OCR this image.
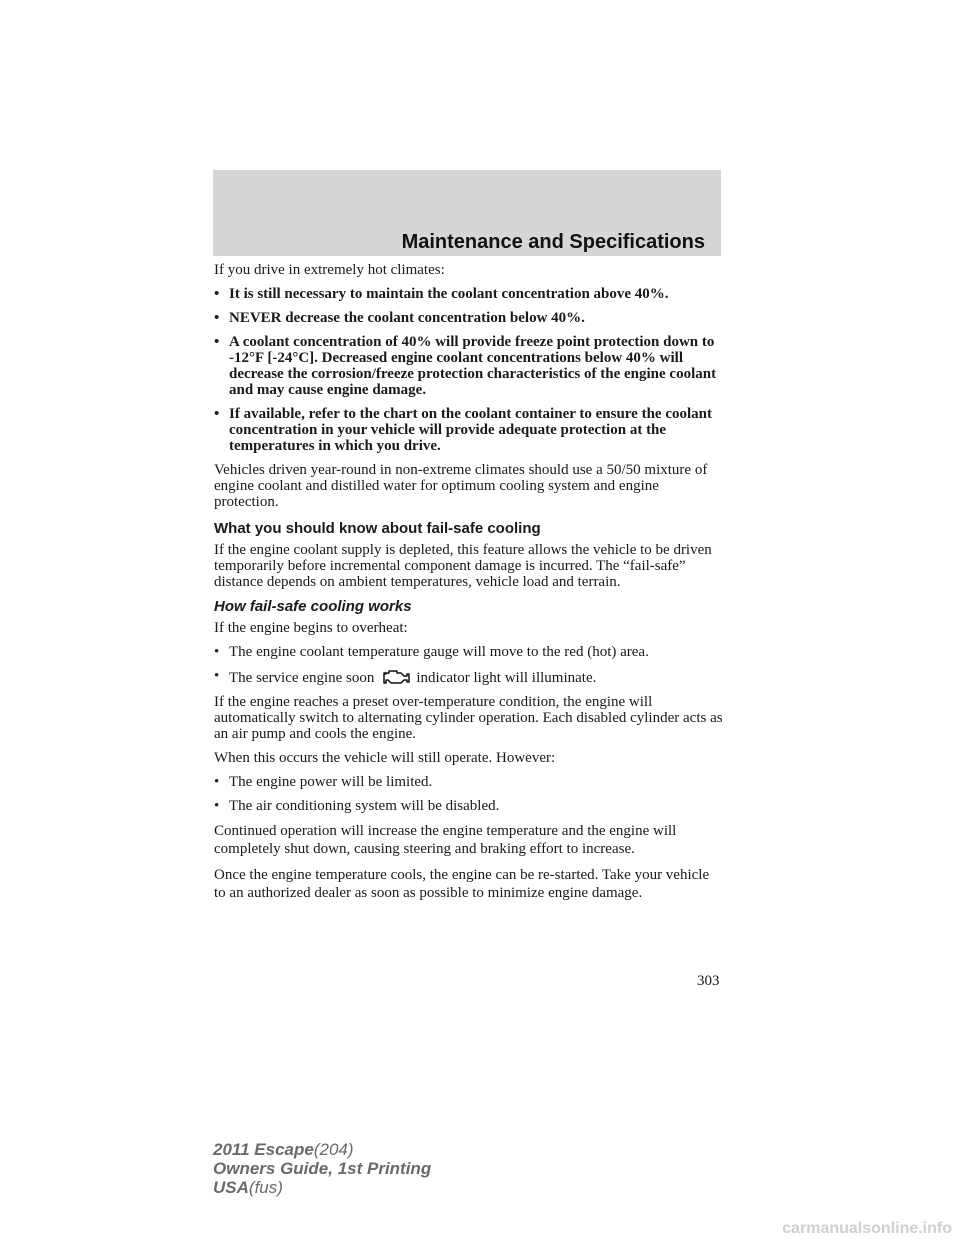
Maintenance and Specifications

If you drive in extremely hot climates:

• It is still necessary to maintain the coolant concentration above 40%.
• NEVER decrease the coolant concentration below 40%.
• A coolant concentration of 40% will provide freeze point protection down to -12°F [-24°C]. Decreased engine coolant concentrations below 40% will decrease the corrosion/freeze protection characteristics of the engine coolant and may cause engine damage.
• If available, refer to the chart on the coolant container to ensure the coolant concentration in your vehicle will provide adequate protection at the temperatures in which you drive.

Vehicles driven year-round in non-extreme climates should use a 50/50 mixture of engine coolant and distilled water for optimum cooling system and engine protection.

What you should know about fail-safe cooling

If the engine coolant supply is depleted, this feature allows the vehicle to be driven temporarily before incremental component damage is incurred. The “fail-safe” distance depends on ambient temperatures, vehicle load and terrain.

How fail-safe cooling works

If the engine begins to overheat:

• The engine coolant temperature gauge will move to the red (hot) area.
• The service engine soon	indicator light will illuminate.

If the engine reaches a preset over-temperature condition, the engine will automatically switch to alternating cylinder operation. Each disabled cylinder acts as an air pump and cools the engine.

When this occurs the vehicle will still operate. However:

• The engine power will be limited.
• The air conditioning system will be disabled.

Continued operation will increase the engine temperature and the engine will completely shut down, causing steering and braking effort to increase.

Once the engine temperature cools, the engine can be re-started. Take your vehicle to an authorized dealer as soon as possible to minimize engine damage.

303
2011 Escape(204)
Owners Guide, 1st Printing
USA(fus)
carmanualsonline.info
